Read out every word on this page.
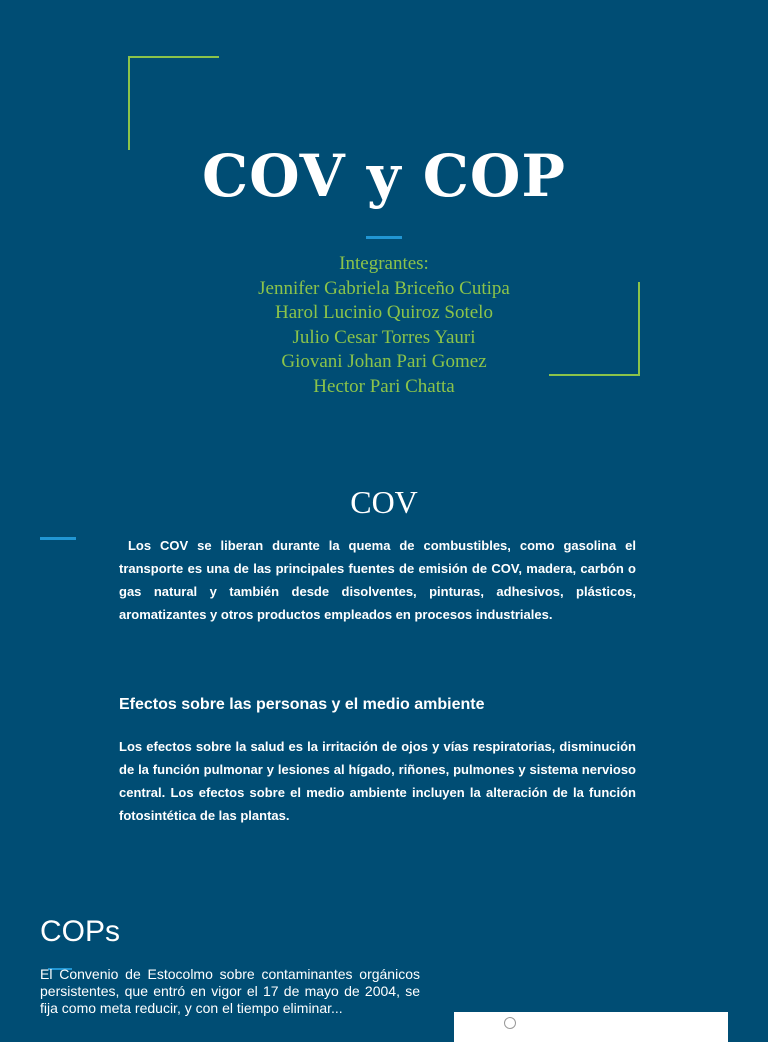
COV y COP
Integrantes:
Jennifer Gabriela Briceño Cutipa
Harol Lucinio Quiroz Sotelo
Julio Cesar Torres Yauri
Giovani Johan Pari Gomez
Hector Pari Chatta
COV
Los COV se liberan durante la quema de combustibles, como gasolina el transporte es una de las principales fuentes de emisión de COV, madera, carbón o gas natural y también desde disolventes, pinturas, adhesivos, plásticos, aromatizantes y otros productos empleados en procesos industriales.
Efectos sobre las personas y el medio ambiente
Los efectos sobre la salud es la irritación de ojos y vías respiratorias, disminución de la función pulmonar y lesiones al hígado, riñones, pulmones y sistema nervioso central. Los efectos sobre el medio ambiente incluyen la alteración de la función fotosintética de las plantas.
COPs
El Convenio de Estocolmo sobre contaminantes orgánicos persistentes, que entró en vigor el 17 de mayo de 2004, se fija como meta reducir, y con el tiempo eliminar...
